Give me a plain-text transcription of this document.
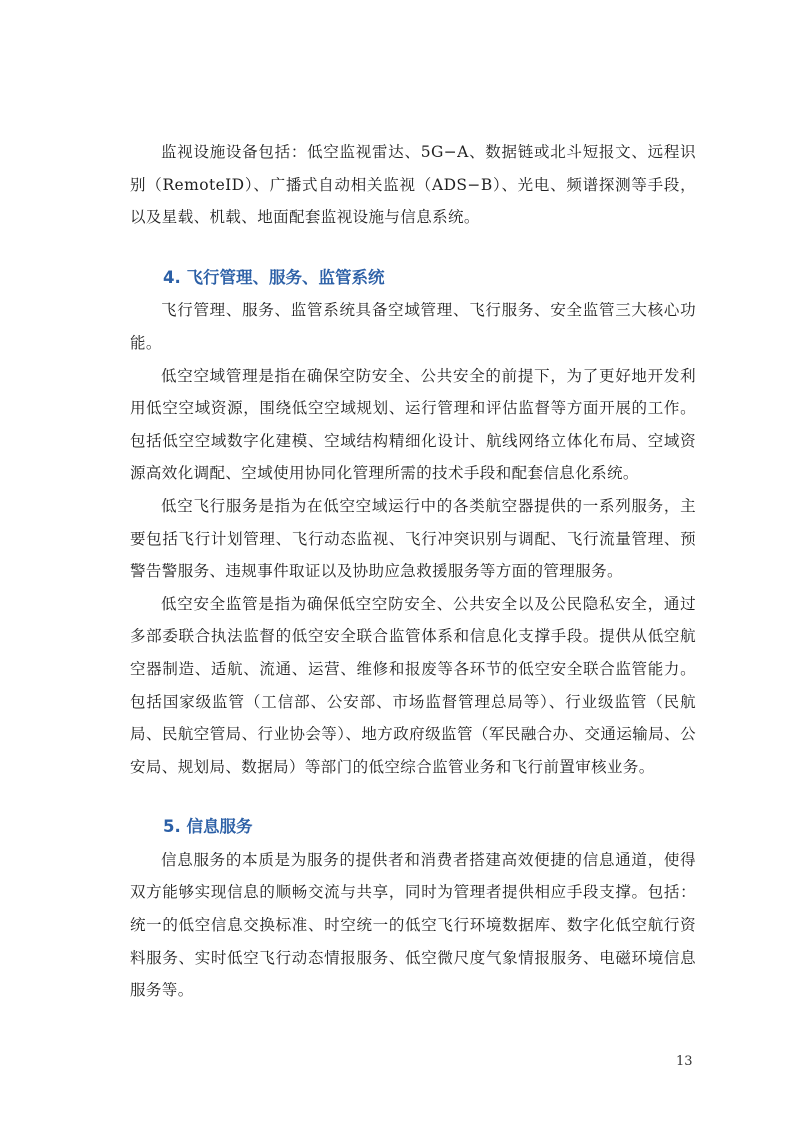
监视设施设备包括：低空监视雷达、5G−A、数据链或北斗短报文、远程识别（RemoteID）、广播式自动相关监视（ADS−B）、光电、频谱探测等手段，以及星载、机载、地面配套监视设施与信息系统。

4. 飞行管理、服务、监管系统

飞行管理、服务、监管系统具备空域管理、飞行服务、安全监管三大核心功能。

低空空域管理是指在确保空防安全、公共安全的前提下，为了更好地开发利用低空空域资源，围绕低空空域规划、运行管理和评估监督等方面开展的工作。包括低空空域数字化建模、空域结构精细化设计、航线网络立体化布局、空域资源高效化调配、空域使用协同化管理所需的技术手段和配套信息化系统。

低空飞行服务是指为在低空空域运行中的各类航空器提供的一系列服务，主要包括飞行计划管理、飞行动态监视、飞行冲突识别与调配、飞行流量管理、预警告警服务、违规事件取证以及协助应急救援服务等方面的管理服务。

低空安全监管是指为确保低空空防安全、公共安全以及公民隐私安全，通过多部委联合执法监督的低空安全联合监管体系和信息化支撑手段。提供从低空航空器制造、适航、流通、运营、维修和报废等各环节的低空安全联合监管能力。包括国家级监管（工信部、公安部、市场监督管理总局等）、行业级监管（民航局、民航空管局、行业协会等）、地方政府级监管（军民融合办、交通运输局、公安局、规划局、数据局）等部门的低空综合监管业务和飞行前置审核业务。

5. 信息服务

信息服务的本质是为服务的提供者和消费者搭建高效便捷的信息通道，使得双方能够实现信息的顺畅交流与共享，同时为管理者提供相应手段支撑。包括：统一的低空信息交换标准、时空统一的低空飞行环境数据库、数字化低空航行资料服务、实时低空飞行动态情报服务、低空微尺度气象情报服务、电磁环境信息服务等。

13
